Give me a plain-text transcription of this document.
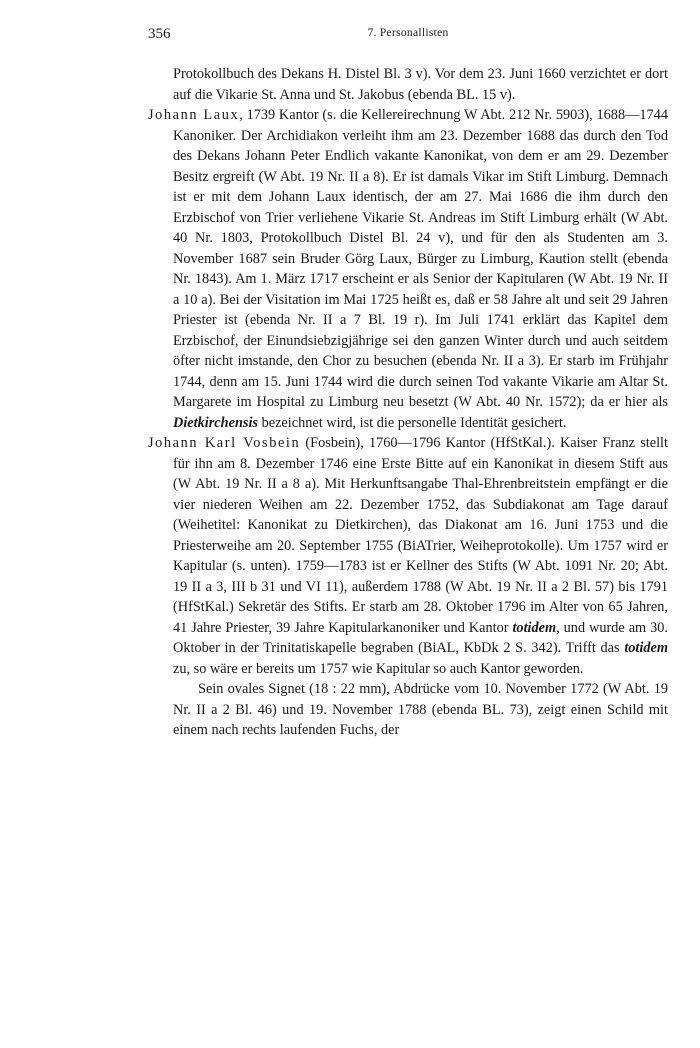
356	7. Personallisten

Protokollbuch des Dekans H. Distel Bl. 3 v). Vor dem 23. Juni 1660 verzichtet er dort auf die Vikarie St. Anna und St. Jakobus (ebenda BL. 15 v).

Johann Laux, 1739 Kantor (s. die Kellereirechnung W Abt. 212 Nr. 5903), 1688—1744 Kanoniker. Der Archidiakon verleiht ihm am 23. Dezember 1688 das durch den Tod des Dekans Johann Peter Endlich vakante Kanonikat, von dem er am 29. Dezember Besitz ergreift (W Abt. 19 Nr. II a 8). Er ist damals Vikar im Stift Limburg. Demnach ist er mit dem Johann Laux identisch, der am 27. Mai 1686 die ihm durch den Erzbischof von Trier verliehene Vikarie St. Andreas im Stift Limburg erhält (W Abt. 40 Nr. 1803, Protokollbuch Distel Bl. 24 v), und für den als Studenten am 3. November 1687 sein Bruder Görg Laux, Bürger zu Limburg, Kaution stellt (ebenda Nr. 1843). Am 1. März 1717 erscheint er als Senior der Kapitularen (W Abt. 19 Nr. II a 10 a). Bei der Visitation im Mai 1725 heißt es, daß er 58 Jahre alt und seit 29 Jahren Priester ist (ebenda Nr. II a 7 Bl. 19 r). Im Juli 1741 erklärt das Kapitel dem Erzbischof, der Einundsiebzigjährige sei den ganzen Winter durch und auch seitdem öfter nicht imstande, den Chor zu besuchen (ebenda Nr. II a 3). Er starb im Frühjahr 1744, denn am 15. Juni 1744 wird die durch seinen Tod vakante Vikarie am Altar St. Margarete im Hospital zu Limburg neu besetzt (W Abt. 40 Nr. 1572); da er hier als Dietkirchensis bezeichnet wird, ist die personelle Identität gesichert.

Johann Karl Vosbein (Fosbein), 1760—1796 Kantor (HfStKal.). Kaiser Franz stellt für ihn am 8. Dezember 1746 eine Erste Bitte auf ein Kanonikat in diesem Stift aus (W Abt. 19 Nr. II a 8 a). Mit Herkunftsangabe Thal-Ehrenbreitstein empfängt er die vier niederen Weihen am 22. Dezember 1752, das Subdiakonat am Tage darauf (Weihetitel: Kanonikat zu Dietkirchen), das Diakonat am 16. Juni 1753 und die Priesterweihe am 20. September 1755 (BiATrier, Weiheprotokolle). Um 1757 wird er Kapitular (s. unten). 1759—1783 ist er Kellner des Stifts (W Abt. 1091 Nr. 20; Abt. 19 II a 3, III b 31 und VI 11), außerdem 1788 (W Abt. 19 Nr. II a 2 Bl. 57) bis 1791 (HfStKal.) Sekretär des Stifts. Er starb am 28. Oktober 1796 im Alter von 65 Jahren, 41 Jahre Priester, 39 Jahre Kapitularkanoniker und Kantor totidem, und wurde am 30. Oktober in der Trinitatiskapelle begraben (BiAL, KbDk 2 S. 342). Trifft das totidem zu, so wäre er bereits um 1757 wie Kapitular so auch Kantor geworden.

Sein ovales Signet (18 : 22 mm), Abdrücke vom 10. November 1772 (W Abt. 19 Nr. II a 2 Bl. 46) und 19. November 1788 (ebenda BL. 73), zeigt einen Schild mit einem nach rechts laufenden Fuchs, der
